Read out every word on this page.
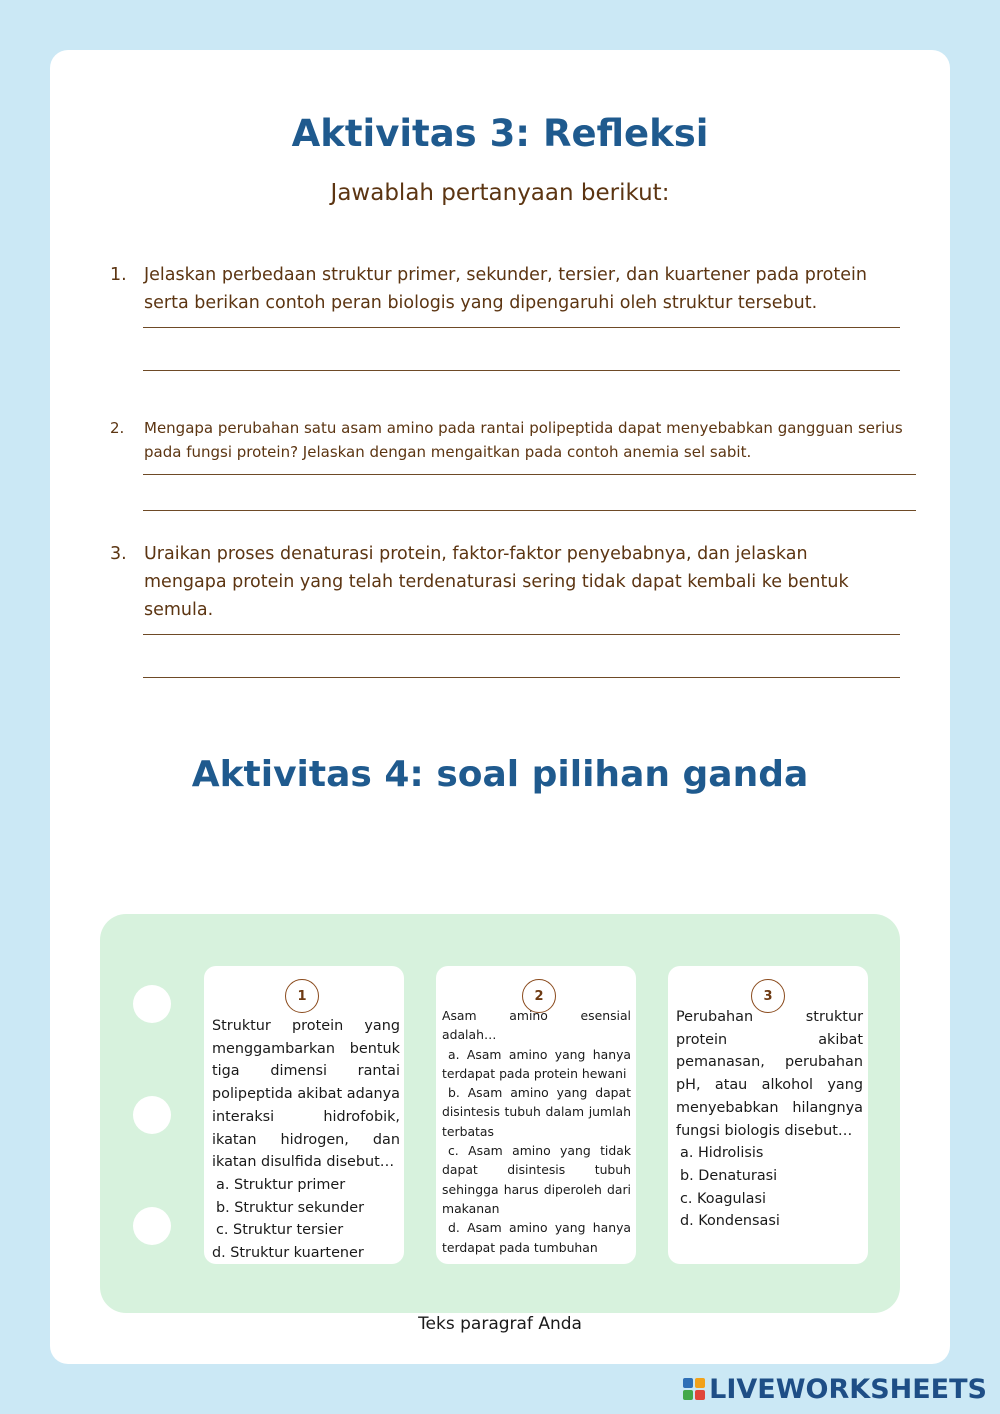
Aktivitas 3: Refleksi
Jawablah pertanyaan berikut:
1. Jelaskan perbedaan struktur primer, sekunder, tersier, dan kuartener pada protein serta berikan contoh peran biologis yang dipengaruhi oleh struktur tersebut.
2.	Mengapa perubahan satu asam amino pada rantai polipeptida dapat menyebabkan gangguan serius pada fungsi protein? Jelaskan dengan mengaitkan pada contoh anemia sel sabit.
3. Uraikan proses denaturasi protein, faktor-faktor penyebabnya, dan jelaskan mengapa protein yang telah terdenaturasi sering tidak dapat kembali ke bentuk semula.
Aktivitas 4: soal pilihan ganda
1
Struktur protein yang menggambarkan bentuk tiga dimensi rantai polipeptida akibat adanya interaksi hidrofobik, ikatan hidrogen, dan ikatan disulfida disebut…
a. Struktur primer
b. Struktur sekunder
c. Struktur tersier
d. Struktur kuartener
2
Asam amino esensial adalah…
a. Asam amino yang hanya terdapat pada protein hewani
b. Asam amino yang dapat disintesis tubuh dalam jumlah terbatas
c. Asam amino yang tidak dapat disintesis tubuh sehingga harus diperoleh dari makanan
d. Asam amino yang hanya terdapat pada tumbuhan
3
Perubahan struktur protein akibat pemanasan, perubahan pH, atau alkohol yang menyebabkan hilangnya fungsi biologis disebut…
a. Hidrolisis
b. Denaturasi
c. Koagulasi
d. Kondensasi
Teks paragraf Anda
LIVEWORKSHEETS
